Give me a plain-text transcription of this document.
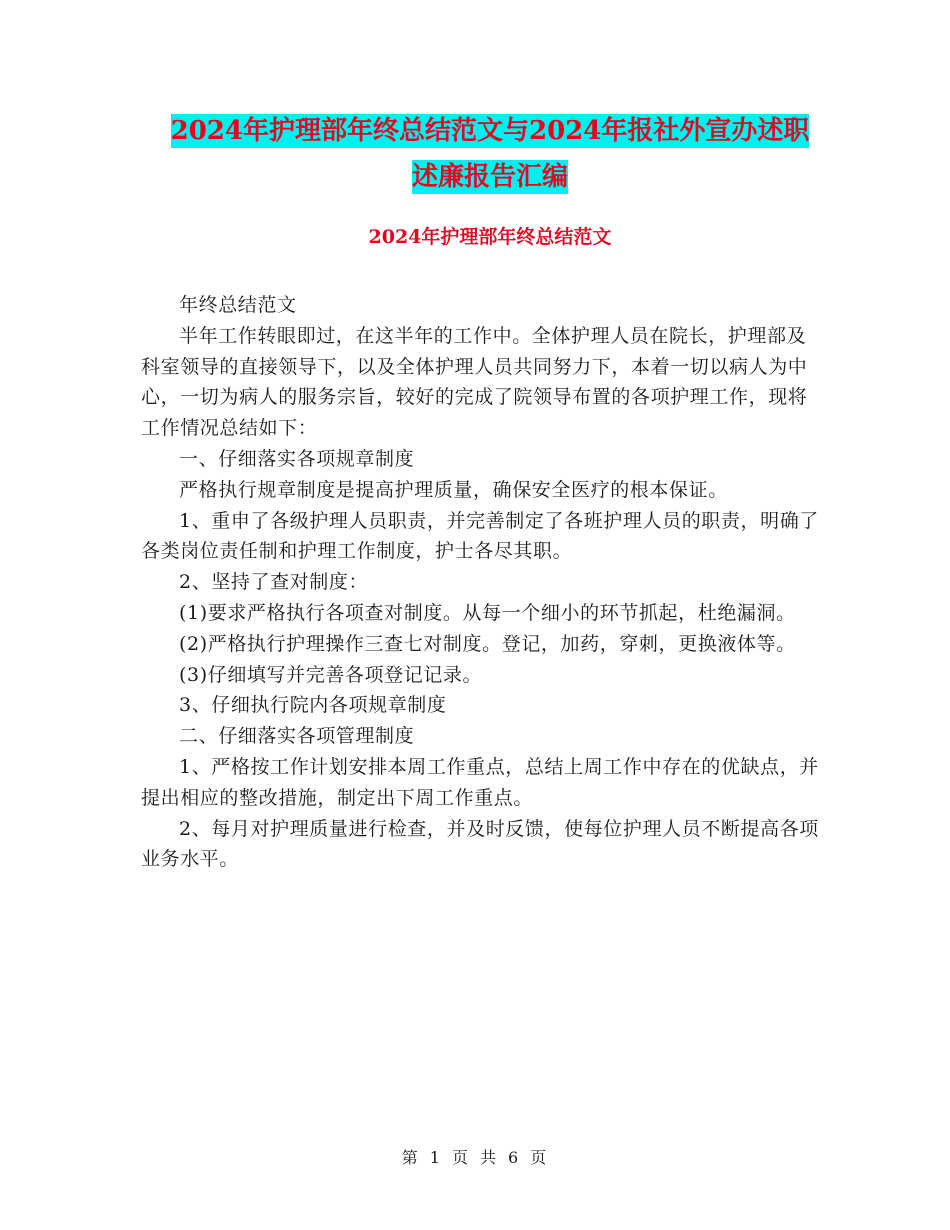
2024年护理部年终总结范文与2024年报社外宣办述职
述廉报告汇编
2024年护理部年终总结范文

年终总结范文

半年工作转眼即过，在这半年的工作中。全体护理人员在院长，护理部及科室领导的直接领导下，以及全体护理人员共同努力下，本着一切以病人为中心，一切为病人的服务宗旨，较好的完成了院领导布置的各项护理工作，现将工作情况总结如下：

一、仔细落实各项规章制度

严格执行规章制度是提高护理质量，确保安全医疗的根本保证。

1、重申了各级护理人员职责，并完善制定了各班护理人员的职责，明确了各类岗位责任制和护理工作制度，护士各尽其职。

2、坚持了查对制度：

(1)要求严格执行各项查对制度。从每一个细小的环节抓起，杜绝漏洞。

(2)严格执行护理操作三查七对制度。登记，加药，穿刺，更换液体等。

(3)仔细填写并完善各项登记记录。

3、仔细执行院内各项规章制度

二、仔细落实各项管理制度

1、严格按工作计划安排本周工作重点，总结上周工作中存在的优缺点，并提出相应的整改措施，制定出下周工作重点。

2、每月对护理质量进行检查，并及时反馈，使每位护理人员不断提高各项业务水平。

第 1 页 共 6 页
